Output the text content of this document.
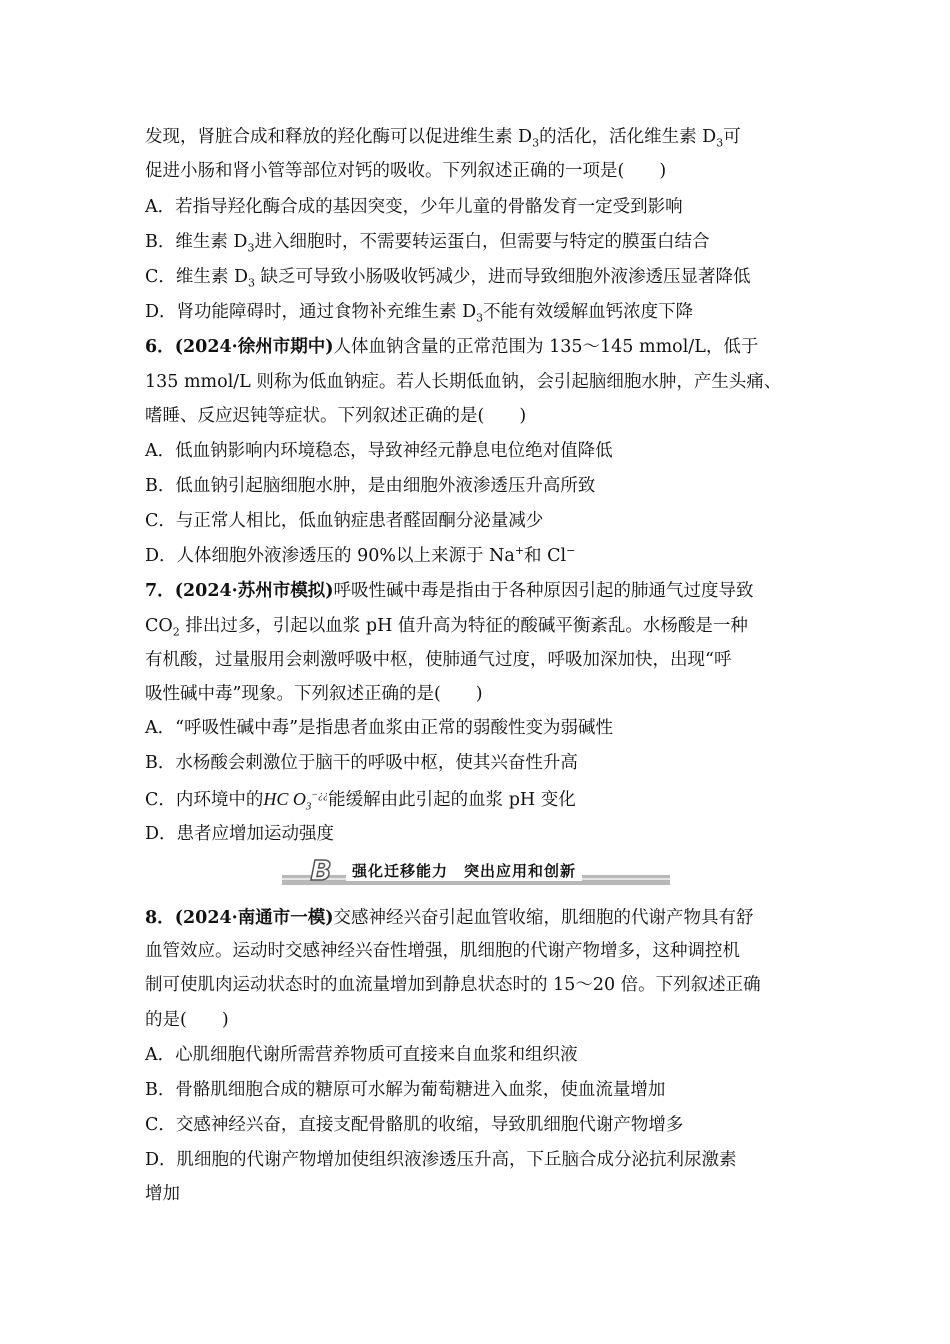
发现，肾脏合成和释放的羟化酶可以促进维生素 $D_3$的活化，活化维生素 $D_3$可
促进小肠和肾小管等部位对钙的吸收。下列叙述正确的一项是(　　)
A．若指导羟化酶合成的基因突变，少年儿童的骨骼发育一定受到影响
B．维生素 $D_3$进入细胞时，不需要转运蛋白，但需要与特定的膜蛋白结合
C．维生素 $D_3$ 缺乏可导致小肠吸收钙减少，进而导致细胞外液渗透压显著降低
D．肾功能障碍时，通过食物补充维生素 $D_3$不能有效缓解血钙浓度下降
6．(2024·徐州市期中)人体血钠含量的正常范围为 135～145 mmol/L，低于
135 mmol/L 则称为低血钠症。若人长期低血钠，会引起脑细胞水肿，产生头痛、
嗜睡、反应迟钝等症状。下列叙述正确的是(　　)
A．低血钠影响内环境稳态，导致神经元静息电位绝对值降低
B．低血钠引起脑细胞水肿，是由细胞外液渗透压升高所致
C．与正常人相比，低血钠症患者醛固酮分泌量减少
D．人体细胞外液渗透压的 90%以上来源于 Na+和 Cl−
7．(2024·苏州市模拟)呼吸性碱中毒是指由于各种原因引起的肺通气过度导致
$CO_2$ 排出过多，引起以血浆 pH 值升高为特征的酸碱平衡紊乱。水杨酸是一种
有机酸，过量服用会刺激呼吸中枢，使肺通气过度，呼吸加深加快，出现“呼
吸性碱中毒”现象。下列叙述正确的是(　　)
A．“呼吸性碱中毒”是指患者血浆由正常的弱酸性变为弱碱性
B．水杨酸会刺激位于脑干的呼吸中枢，使其兴奋性升高
C．内环境中的HC $O_3^{-¿¿}$能缓解由此引起的血浆 pH 变化
D．患者应增加运动强度
B	强化迁移能力　突出应用和创新
8．(2024·南通市一模)交感神经兴奋引起血管收缩，肌细胞的代谢产物具有舒
血管效应。运动时交感神经兴奋性增强，肌细胞的代谢产物增多，这种调控机
制可使肌肉运动状态时的血流量增加到静息状态时的 15～20 倍。下列叙述正确
的是(　　)
A．心肌细胞代谢所需营养物质可直接来自血浆和组织液
B．骨骼肌细胞合成的糖原可水解为葡萄糖进入血浆，使血流量增加
C．交感神经兴奋，直接支配骨骼肌的收缩，导致肌细胞代谢产物增多
D．肌细胞的代谢产物增加使组织液渗透压升高，下丘脑合成分泌抗利尿激素
增加
